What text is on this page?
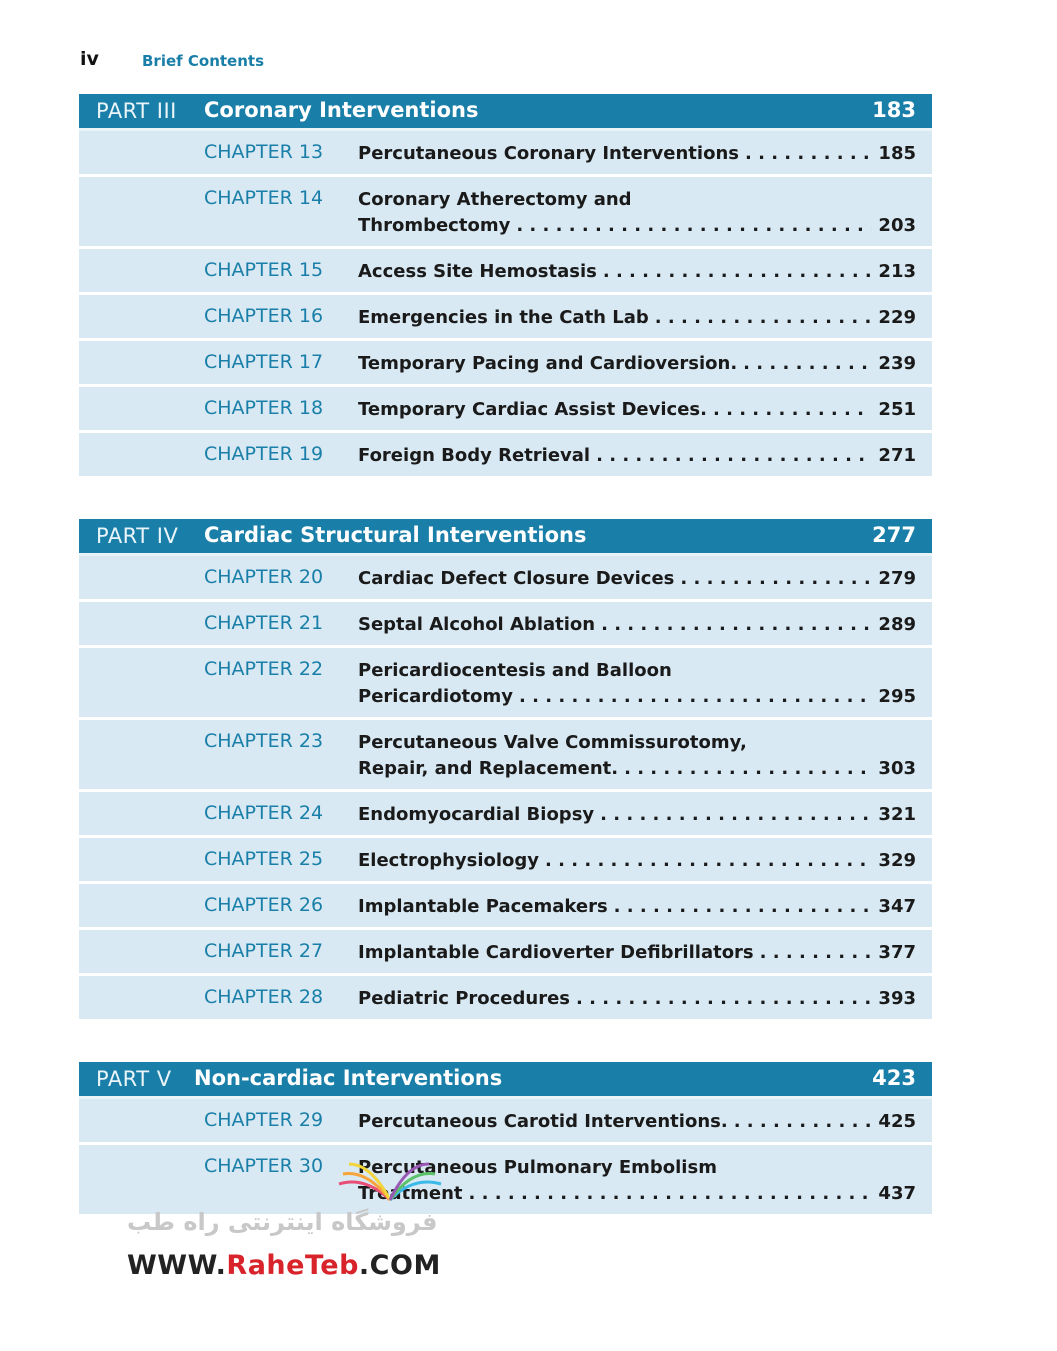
iv	Brief Contents
PART III Coronary Interventions	183
CHAPTER 13 Percutaneous Coronary Interventions . . .	185
CHAPTER 14 Coronary Atherectomy and
Thrombectomy . . .	203
CHAPTER 15 Access Site Hemostasis . . .	213
CHAPTER 16 Emergencies in the Cath Lab . . .	229
CHAPTER 17 Temporary Pacing and Cardioversion. . . .	239
CHAPTER 18 Temporary Cardiac Assist Devices. . . .	251
CHAPTER 19 Foreign Body Retrieval . . .	271
PART IV Cardiac Structural Interventions	277
CHAPTER 20 Cardiac Defect Closure Devices . . .	279
CHAPTER 21 Septal Alcohol Ablation . . .	289
CHAPTER 22 Pericardiocentesis and Balloon
Pericardiotomy . . .	295
CHAPTER 23 Percutaneous Valve Commissurotomy,
Repair, and Replacement. . . .	303
CHAPTER 24 Endomyocardial Biopsy . . .	321
CHAPTER 25 Electrophysiology . . .	329
CHAPTER 26 Implantable Pacemakers . . .	347
CHAPTER 27 Implantable Cardioverter Defibrillators . . .	377
CHAPTER 28 Pediatric Procedures . . .	393
PART V Non-cardiac Interventions	423
CHAPTER 29 Percutaneous Carotid Interventions. . . .	425
CHAPTER 30 Percutaneous Pulmonary Embolism
Treatment . . .	437
فروشگاه اینترنتی راه طب
WWW.RaheTeb.COM
